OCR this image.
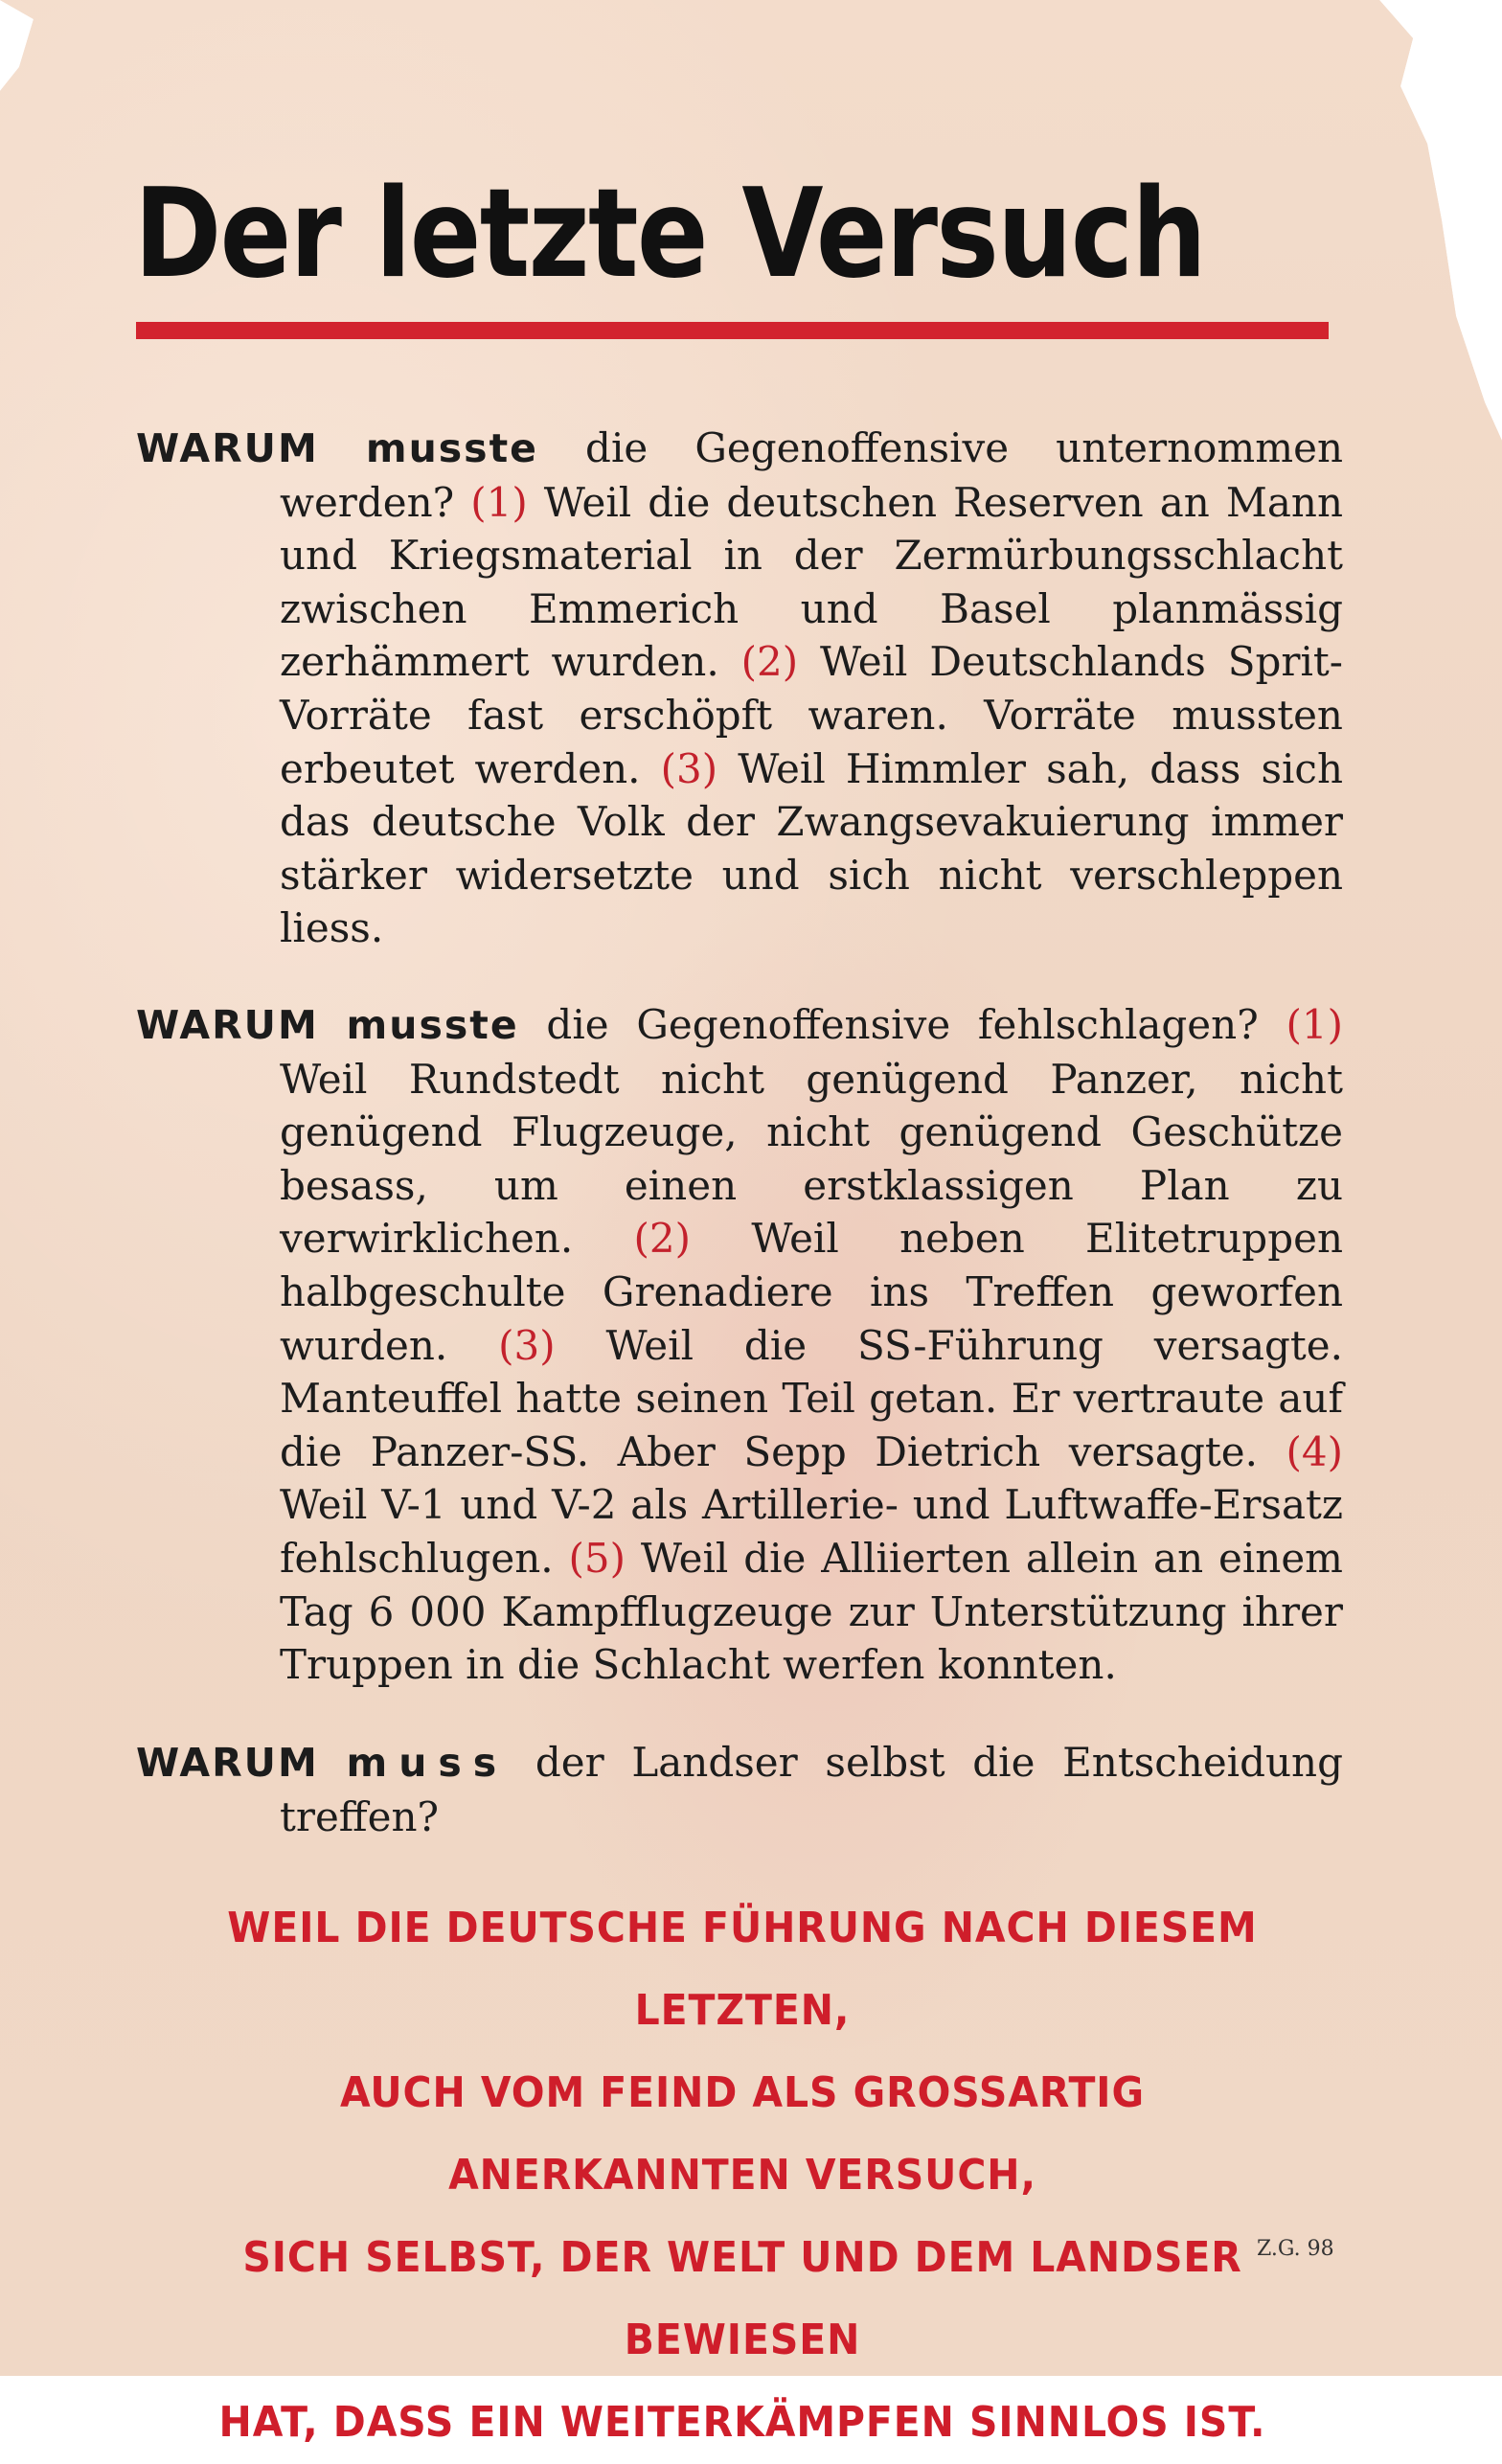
Der letzte Versuch

WARUM musste die Gegenoffensive unternommen werden? (1) Weil die deutschen Reserven an Mann und Kriegsmaterial in der Zermürbungsschlacht zwischen Emmerich und Basel planmässig zerhämmert wurden. (2) Weil Deutschlands Sprit-Vorräte fast erschöpft waren. Vorräte mussten erbeutet werden. (3) Weil Himmler sah, dass sich das deutsche Volk der Zwangsevakuierung immer stärker widersetzte und sich nicht verschleppen liess.

WARUM musste die Gegenoffensive fehlschlagen? (1) Weil Rundstedt nicht genügend Panzer, nicht genügend Flugzeuge, nicht genügend Geschütze besass, um einen erstklassigen Plan zu verwirklichen. (2) Weil neben Elitetruppen halbgeschulte Grenadiere ins Treffen geworfen wurden. (3) Weil die SS-Führung versagte. Manteuffel hatte seinen Teil getan. Er vertraute auf die Panzer-SS. Aber Sepp Dietrich versagte. (4) Weil V-1 und V-2 als Artillerie- und Luftwaffe-Ersatz fehlschlugen. (5) Weil die Alliierten allein an einem Tag 6 000 Kampfflugzeuge zur Unterstützung ihrer Truppen in die Schlacht werfen konnten.

WARUM muss der Landser selbst die Entscheidung treffen?

WEIL DIE DEUTSCHE FÜHRUNG NACH DIESEM LETZTEN,
AUCH VOM FEIND ALS GROSSARTIG ANERKANNTEN VERSUCH,
SICH SELBST, DER WELT UND DEM LANDSER BEWIESEN
HAT, DASS EIN WEITERKÄMPFEN SINNLOS IST.
Z.G. 98
